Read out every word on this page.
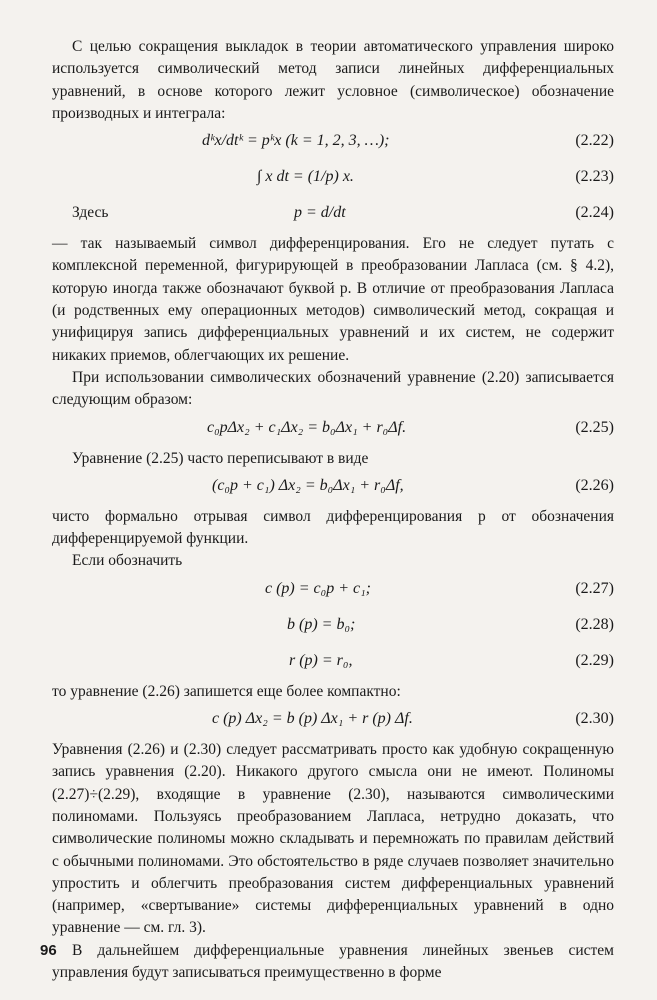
С целью сокращения выкладок в теории автоматического управления широко используется символический метод записи линейных дифференциальных уравнений, в основе которого лежит условное (символическое) обозначение производных и интеграла:

dᵏx/dtᵏ = pᵏx (k = 1, 2, 3, …);	(2.22)
∫ x dt = (1/p) x.	(2.23)
Здесь	p = d/dt	(2.24)

— так называемый символ дифференцирования. Его не следует путать с комплексной переменной, фигурирующей в преобразовании Лапласа (см. § 4.2), которую иногда также обозначают буквой p. В отличие от преобразования Лапласа (и родственных ему операционных методов) символический метод, сокращая и унифицируя запись дифференциальных уравнений и их систем, не содержит никаких приемов, облегчающих их решение.

При использовании символических обозначений уравнение (2.20) записывается следующим образом:

c₀pΔx₂ + c₁Δx₂ = b₀Δx₁ + r₀Δf.	(2.25)

Уравнение (2.25) часто переписывают в виде

(c₀p + c₁) Δx₂ = b₀Δx₁ + r₀Δf,	(2.26)

чисто формально отрывая символ дифференцирования p от обозначения дифференцируемой функции.

Если обозначить

c (p) = c₀p + c₁;	(2.27)
b (p) = b₀;	(2.28)
r (p) = r₀,	(2.29)

то уравнение (2.26) запишется еще более компактно:

c (p) Δx₂ = b (p) Δx₁ + r (p) Δf.	(2.30)

Уравнения (2.26) и (2.30) следует рассматривать просто как удобную сокращенную запись уравнения (2.20). Никакого другого смысла они не имеют. Полиномы (2.27)÷(2.29), входящие в уравнение (2.30), называются символическими полиномами. Пользуясь преобразованием Лапласа, нетрудно доказать, что символические полиномы можно складывать и перемножать по правилам действий с обычными полиномами. Это обстоятельство в ряде случаев позволяет значительно упростить и облегчить преобразования систем дифференциальных уравнений (например, «свертывание» системы дифференциальных уравнений в одно уравнение — см. гл. 3).

В дальнейшем дифференциальные уравнения линейных звеньев систем управления будут записываться преимущественно в форме

96
